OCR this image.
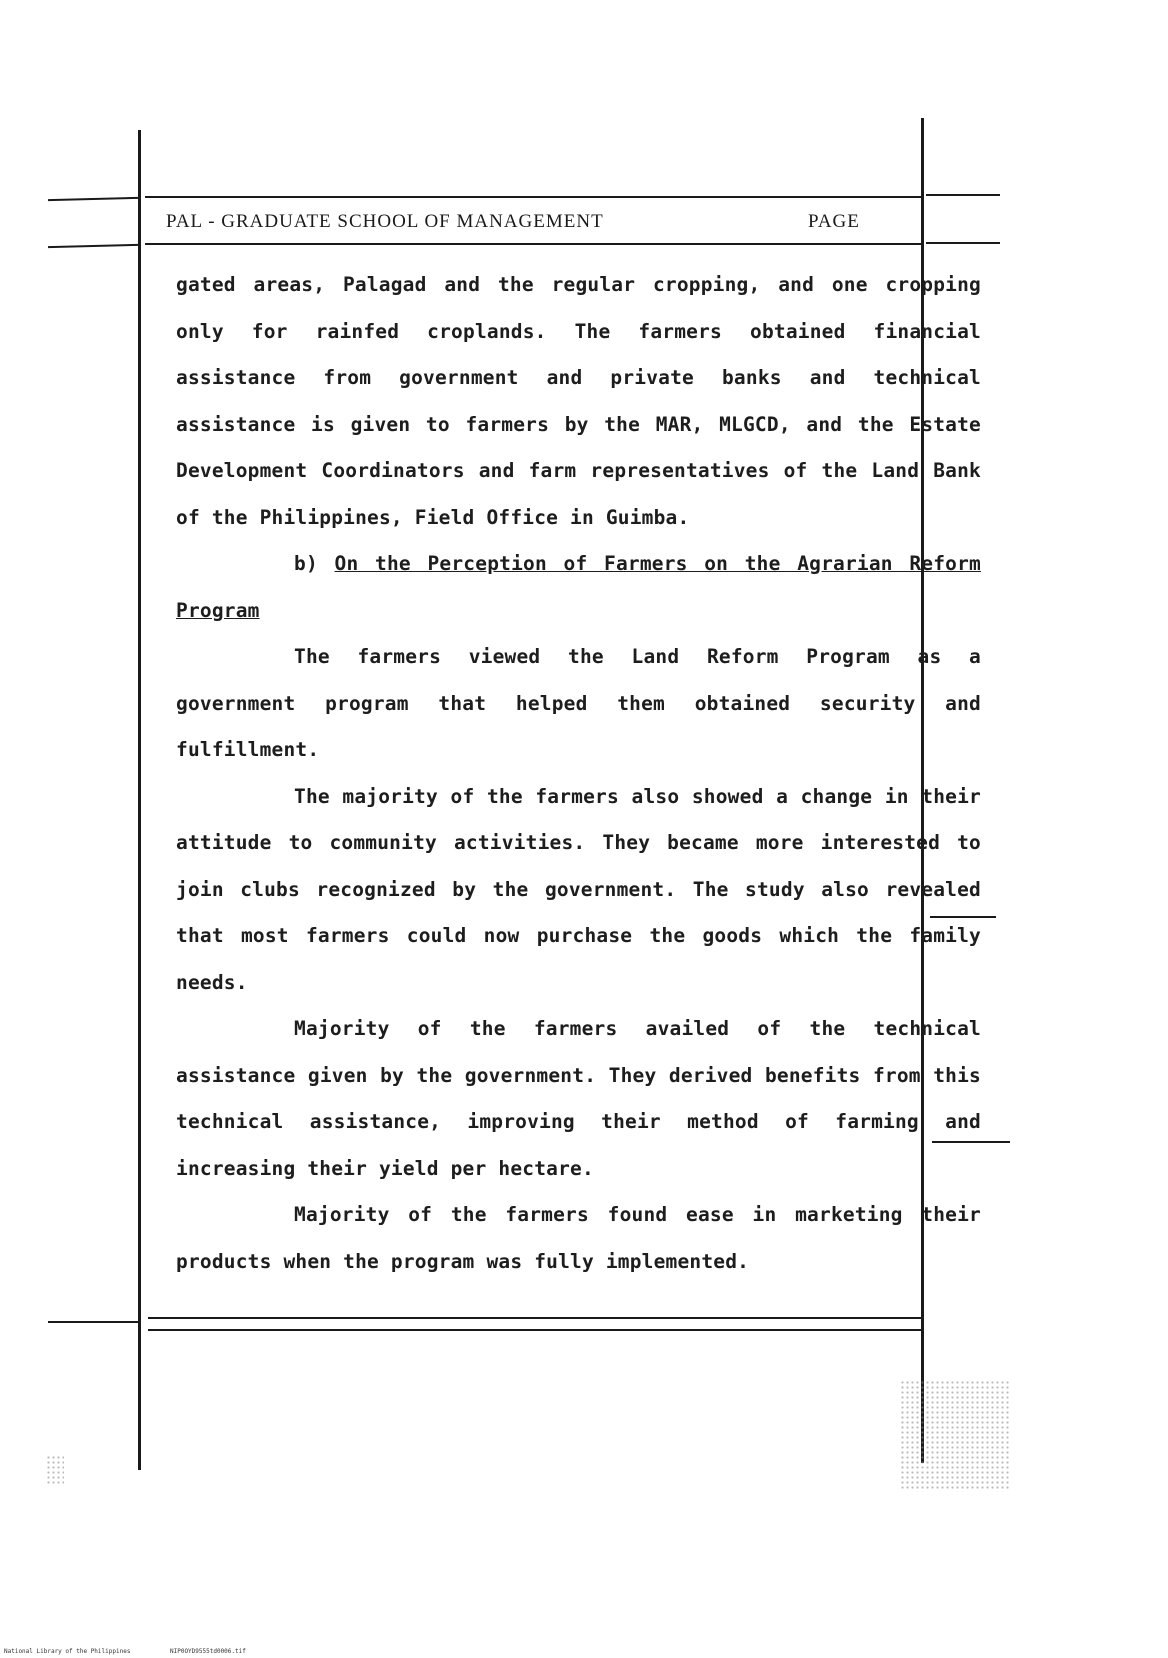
PAL - GRADUATE SCHOOL OF MANAGEMENT	PAGE

gated areas, Palagad and the regular cropping, and one cropping only for rainfed croplands. The farmers obtained financial assistance from government and private banks and technical assistance is given to farmers by the MAR, MLGCD, and the Estate Development Coordinators and farm representatives of the Land Bank of the Philippines, Field Office in Guimba.

b) On the Perception of Farmers on the Agrarian Reform Program

The farmers viewed the Land Reform Program as a government program that helped them obtained security and fulfillment.

The majority of the farmers also showed a change in their attitude to community activities. They became more interested to join clubs recognized by the government. The study also revealed that most farmers could now purchase the goods which the family needs.

Majority of the farmers availed of the technical assistance given by the government. They derived benefits from this technical assistance, improving their method of farming and increasing their yield per hectare.

Majority of the farmers found ease in marketing their products when the program was fully implemented.

National Library of the Philippines	NIP0OYD9555td0006.tif
